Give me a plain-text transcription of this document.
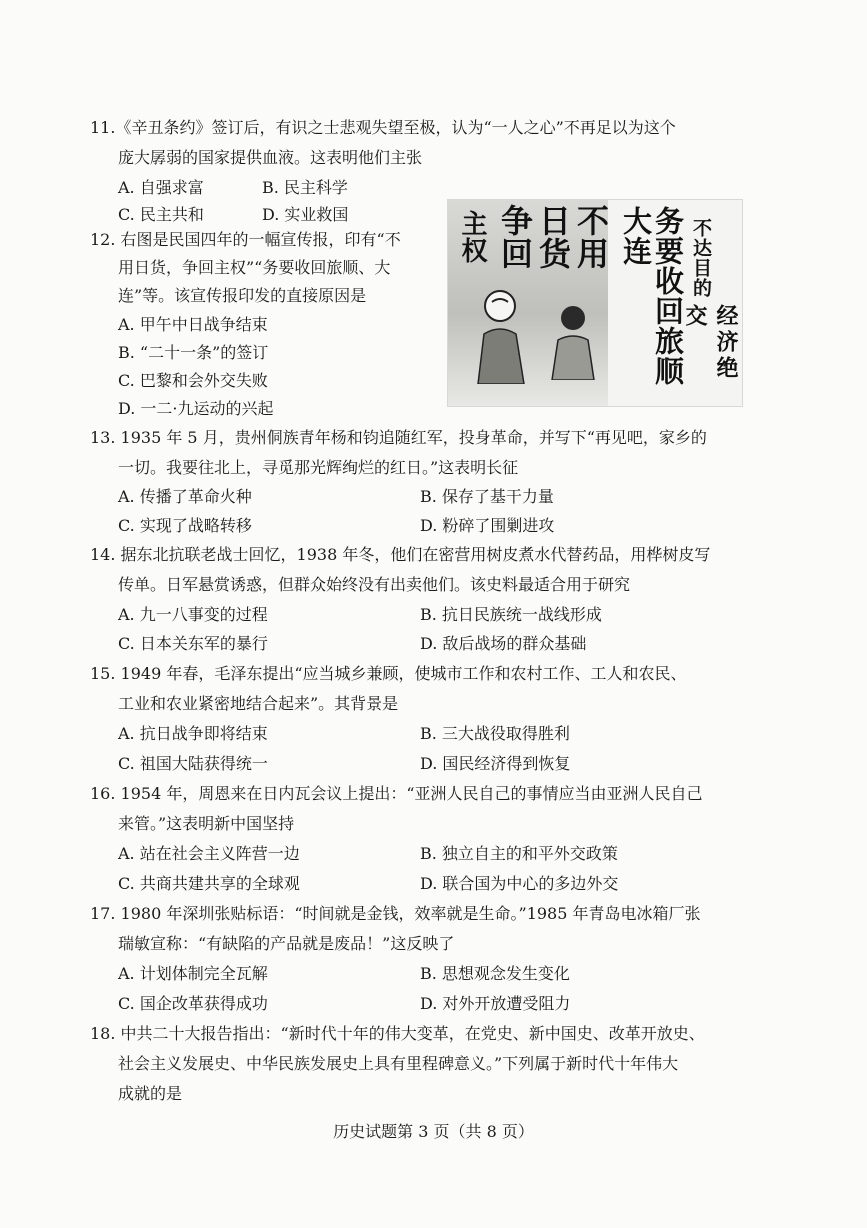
11.《辛丑条约》签订后，有识之士悲观失望至极，认为“一人之心”不再足以为这个
庞大孱弱的国家提供血液。这表明他们主张
A. 自强求富	B. 民主科学
C. 民主共和	D. 实业救国
12. 右图是民国四年的一幅宣传报，印有“不
用日货，争回主权”“务要收回旅顺、大
连”等。该宣传报印发的直接原因是
A. 甲午中日战争结束
B. “二十一条”的签订
C. 巴黎和会外交失败
D. 一二·九运动的兴起
主权 争回 日货 不用	务要收回旅顺大连	不达目的
经济绝交
13. 1935 年 5 月，贵州侗族青年杨和钧追随红军，投身革命，并写下“再见吧，家乡的
一切。我要往北上，寻觅那光辉绚烂的红日。”这表明长征
A. 传播了革命火种	B. 保存了基干力量
C. 实现了战略转移	D. 粉碎了围剿进攻
14. 据东北抗联老战士回忆，1938 年冬，他们在密营用树皮煮水代替药品，用桦树皮写
传单。日军悬赏诱惑，但群众始终没有出卖他们。该史料最适合用于研究
A. 九一八事变的过程	B. 抗日民族统一战线形成
C. 日本关东军的暴行	D. 敌后战场的群众基础
15. 1949 年春，毛泽东提出“应当城乡兼顾，使城市工作和农村工作、工人和农民、
工业和农业紧密地结合起来”。其背景是
A. 抗日战争即将结束	B. 三大战役取得胜利
C. 祖国大陆获得统一	D. 国民经济得到恢复
16. 1954 年，周恩来在日内瓦会议上提出：“亚洲人民自己的事情应当由亚洲人民自己
来管。”这表明新中国坚持
A. 站在社会主义阵营一边	B. 独立自主的和平外交政策
C. 共商共建共享的全球观	D. 联合国为中心的多边外交
17. 1980 年深圳张贴标语：“时间就是金钱，效率就是生命。”1985 年青岛电冰箱厂张
瑞敏宣称：“有缺陷的产品就是废品！”这反映了
A. 计划体制完全瓦解	B. 思想观念发生变化
C. 国企改革获得成功	D. 对外开放遭受阻力
18. 中共二十大报告指出：“新时代十年的伟大变革，在党史、新中国史、改革开放史、
社会主义发展史、中华民族发展史上具有里程碑意义。”下列属于新时代十年伟大
成就的是
历史试题第 3 页（共 8 页）
